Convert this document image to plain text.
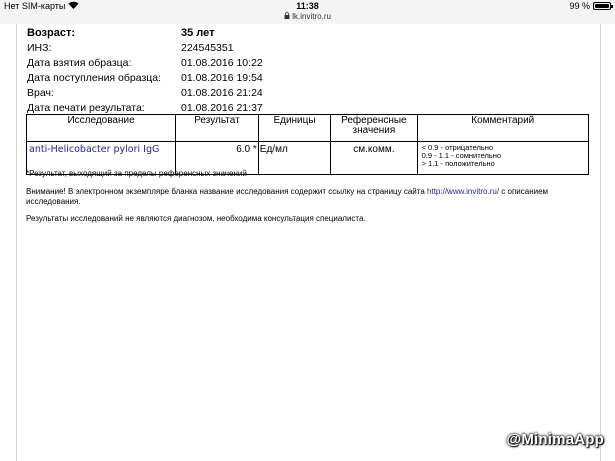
Нет SIM-карты	11:38
lk.invitro.ru
99 %
Возраст:	35 лет
ИНЗ:	224545351
Дата взятия образца:	01.08.2016 10:22
Дата поступления образца: 01.08.2016 19:54
Врач:	01.08.2016 21:24
Дата печати результата:	01.08.2016 21:37
Исследование	Результат	Единицы	Референсные значения	Комментарий
anti-Helicobacter pylori IgG	6.0 *	Ед/мл	см.комм.	< 0.9 - отрицательно
0.9 - 1.1 - сомнительно
> 1.1 - положительно
*Результат, выходящий за пределы референсных значений
Внимание! В электронном экземпляре бланка название исследования содержит ссылку на страницу сайта http://www.invitro.ru/ с описанием исследования.
Результаты исследований не являются диагнозом, необходима консультация специалиста.
@MinimaApp
